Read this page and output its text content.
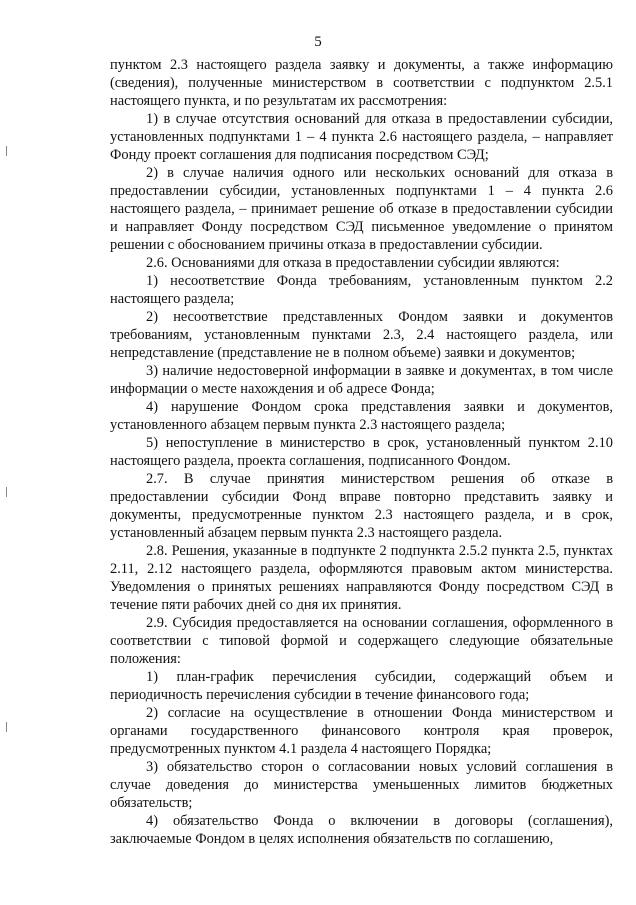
5

пунктом 2.3 настоящего раздела заявку и документы, а также информацию (сведения), полученные министерством в соответствии с подпунктом 2.5.1 настоящего пункта, и по результатам их рассмотрения:

1) в случае отсутствия оснований для отказа в предоставлении субсидии, установленных подпунктами 1 – 4 пункта 2.6 настоящего раздела, – направляет Фонду проект соглашения для подписания посредством СЭД;

2) в случае наличия одного или нескольких оснований для отказа в предоставлении субсидии, установленных подпунктами 1 – 4 пункта 2.6 настоящего раздела, – принимает решение об отказе в предоставлении субсидии и направляет Фонду посредством СЭД письменное уведомление о принятом решении с обоснованием причины отказа в предоставлении субсидии.

2.6. Основаниями для отказа в предоставлении субсидии являются:

1) несоответствие Фонда требованиям, установленным пунктом 2.2 настоящего раздела;

2) несоответствие представленных Фондом заявки и документов требованиям, установленным пунктами 2.3, 2.4 настоящего раздела, или непредставление (представление не в полном объеме) заявки и документов;

3) наличие недостоверной информации в заявке и документах, в том числе информации о месте нахождения и об адресе Фонда;

4) нарушение Фондом срока представления заявки и документов, установленного абзацем первым пункта 2.3 настоящего раздела;

5) непоступление в министерство в срок, установленный пунктом 2.10 настоящего раздела, проекта соглашения, подписанного Фондом.

2.7. В случае принятия министерством решения об отказе в предоставлении субсидии Фонд вправе повторно представить заявку и документы, предусмотренные пунктом 2.3 настоящего раздела, и в срок, установленный абзацем первым пункта 2.3 настоящего раздела.

2.8. Решения, указанные в подпункте 2 подпункта 2.5.2 пункта 2.5, пунктах 2.11, 2.12 настоящего раздела, оформляются правовым актом министерства. Уведомления о принятых решениях направляются Фонду посредством СЭД в течение пяти рабочих дней со дня их принятия.

2.9. Субсидия предоставляется на основании соглашения, оформленного в соответствии с типовой формой и содержащего следующие обязательные положения:

1) план-график перечисления субсидии, содержащий объем и периодичность перечисления субсидии в течение финансового года;

2) согласие на осуществление в отношении Фонда министерством и органами государственного финансового контроля края проверок, предусмотренных пунктом 4.1 раздела 4 настоящего Порядка;

3) обязательство сторон о согласовании новых условий соглашения в случае доведения до министерства уменьшенных лимитов бюджетных обязательств;

4) обязательство Фонда о включении в договоры (соглашения), заключаемые Фондом в целях исполнения обязательств по соглашению,
